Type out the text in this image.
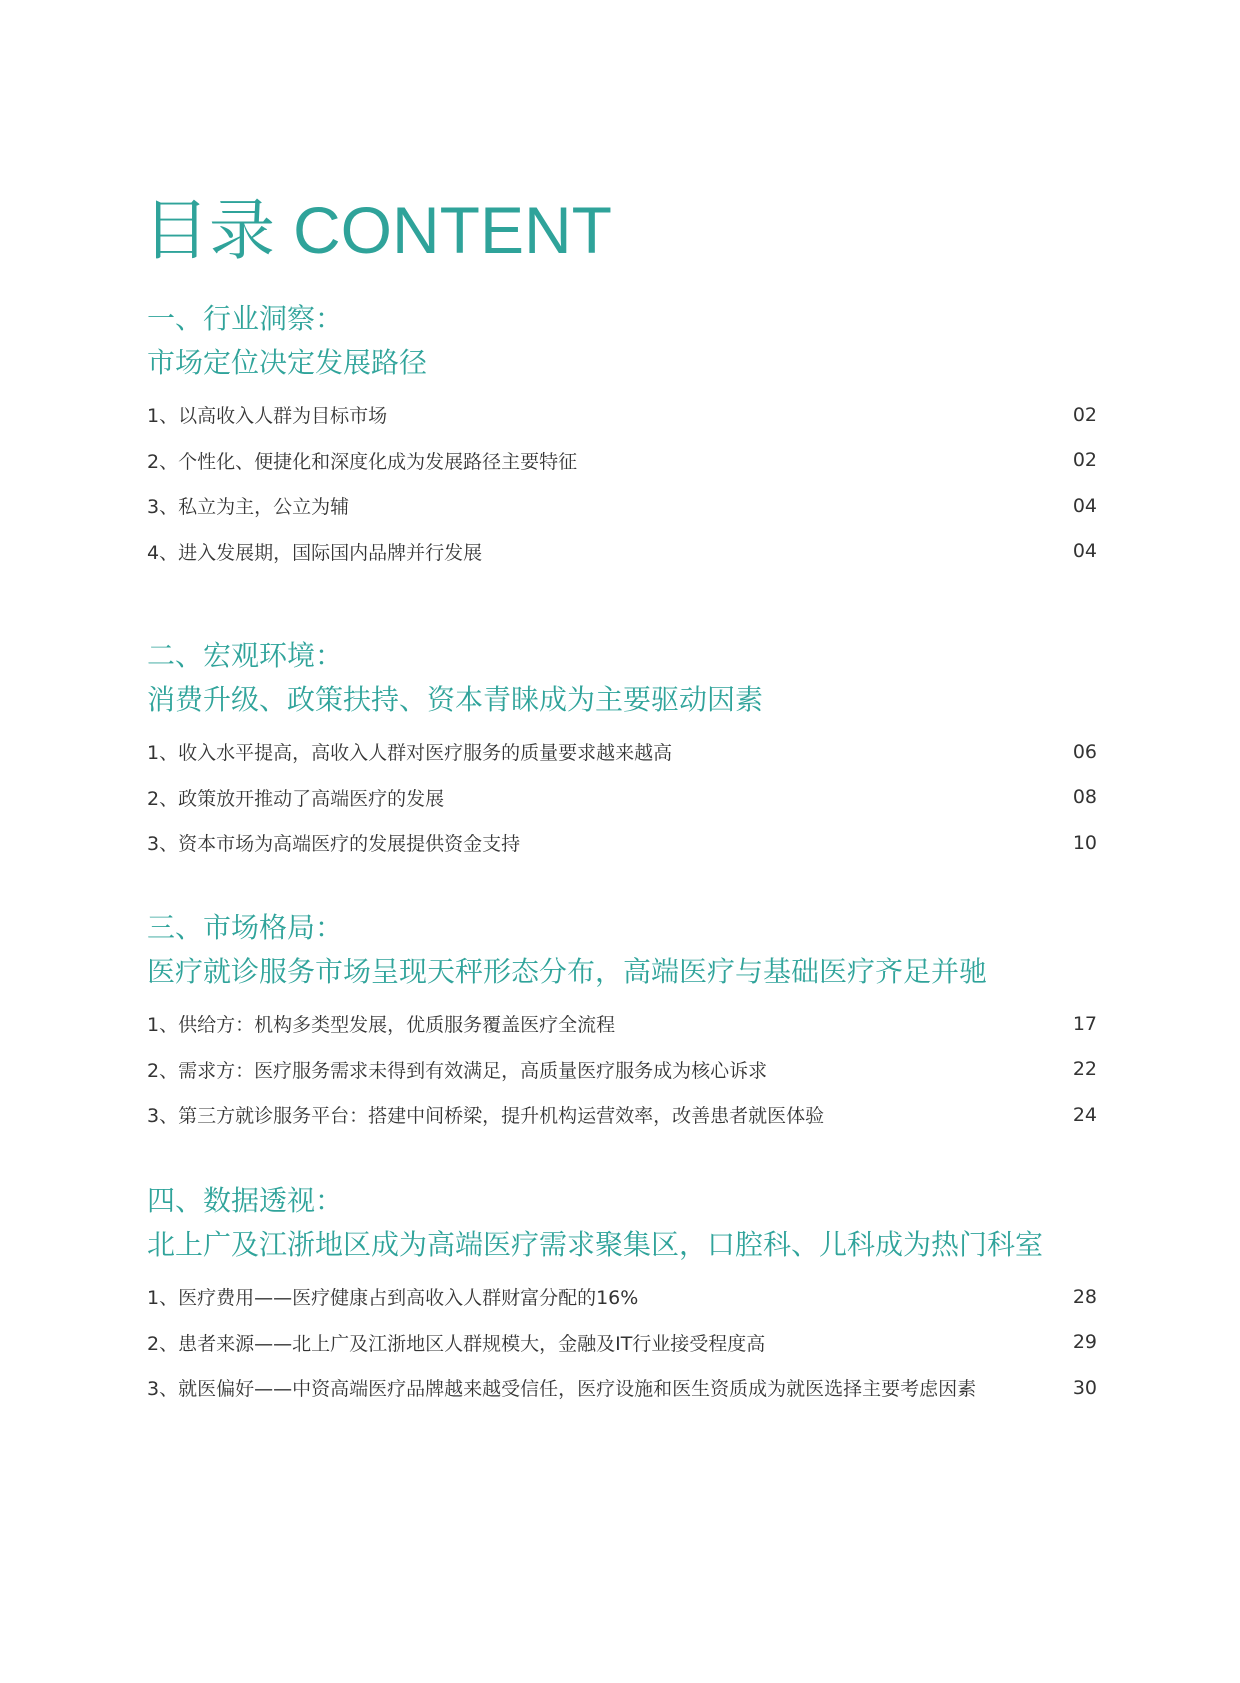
目录 CONTENT
一、行业洞察：
市场定位决定发展路径
1、以高收入人群为目标市场	02
2、个性化、便捷化和深度化成为发展路径主要特征	02
3、私立为主，公立为辅	04
4、进入发展期，国际国内品牌并行发展	04
二、宏观环境：
消费升级、政策扶持、资本青睐成为主要驱动因素
1、收入水平提高，高收入人群对医疗服务的质量要求越来越高	06
2、政策放开推动了高端医疗的发展	08
3、资本市场为高端医疗的发展提供资金支持	10
三、市场格局：
医疗就诊服务市场呈现天秤形态分布，高端医疗与基础医疗齐足并驰
1、供给方：机构多类型发展，优质服务覆盖医疗全流程	17
2、需求方：医疗服务需求未得到有效满足，高质量医疗服务成为核心诉求	22
3、第三方就诊服务平台：搭建中间桥梁，提升机构运营效率，改善患者就医体验	24
四、数据透视：
北上广及江浙地区成为高端医疗需求聚集区，口腔科、儿科成为热门科室
1、医疗费用——医疗健康占到高收入人群财富分配的16%	28
2、患者来源——北上广及江浙地区人群规模大，金融及IT行业接受程度高	29
3、就医偏好——中资高端医疗品牌越来越受信任，医疗设施和医生资质成为就医选择主要考虑因素	30
